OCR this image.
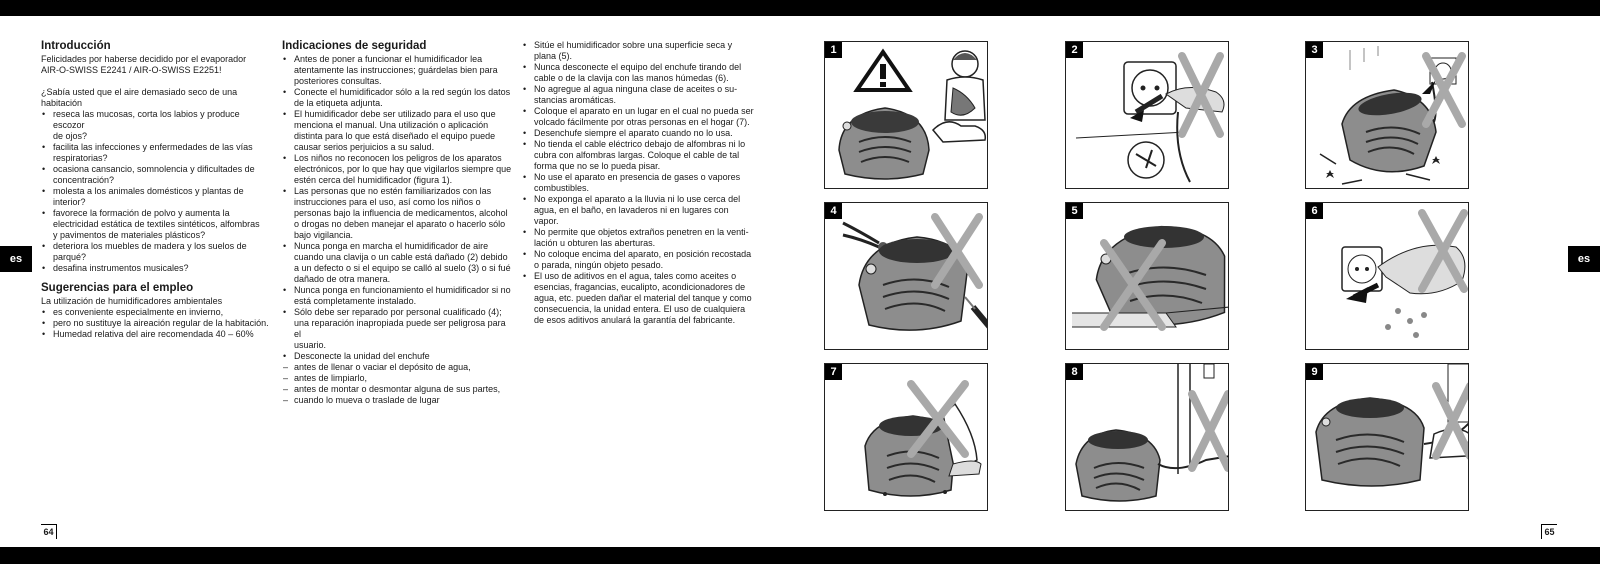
es	es
Introducción

Felicidades por haberse decidido por el evaporador
AIR-O-SWISS E2241 / AIR-O-SWISS E2251!

¿Sabía usted que el aire demasiado seco de una
habitación

• reseca las mucosas, corta los labios y produce escozor
de ojos?

• facilita las infecciones y enfermedades de las vías
respiratorias?

• ocasiona cansancio, somnolencia y dificultades de
concentración?

• molesta a los animales domésticos y plantas de
interior?

• favorece la formación de polvo y aumenta la
electricidad estática de textiles sintéticos, alfombras
y pavimentos de materiales plásticos?

• deteriora los muebles de madera y los suelos de
parqué?

• desafina instrumentos musicales?

Sugerencias para el empleo

La utilización de humidificadores ambientales

• es conveniente especialmente en invierno,

• pero no sustituye la aireación regular de la habitación.

• Humedad relativa del aire recomendada 40 – 60%

Indicaciones de seguridad

• Antes de poner a funcionar el humidificador lea
atentamente las instrucciones; guárdelas bien para
posteriores consultas.

• Conecte el humidificador sólo a la red según los datos
de la etiqueta adjunta.

• El humidificador debe ser utilizado para el uso que
menciona el manual. Una utilización o aplicación
distinta para lo que está diseñado el equipo puede
causar serios perjuicios a su salud.

• Los niños no reconocen los peligros de los aparatos
electrónicos, por lo que hay que vigilarlos siempre que
estén cerca del humidificador (figura 1).

• Las personas que no estén familiarizados con las
instrucciones para el uso, así como los niños o
personas bajo la influencia de medicamentos, alcohol
o drogas no deben manejar el aparato o hacerlo sólo
bajo vigilancia.

• Nunca ponga en marcha el humidificador de aire
cuando una clavija o un cable está dañado (2) debido
a un defecto o si el equipo se calló al suelo (3) o si fué
dañado de otra manera.

• Nunca ponga en funcionamiento el humidificador si no
está completamente instalado.

• Sólo debe ser reparado por personal cualificado (4);
una reparación inapropiada puede ser peligrosa para el
usuario.

• Desconecte la unidad del enchufe

– antes de llenar o vaciar el depósito de agua,

– antes de limpiarlo,

– antes de montar o desmontar alguna de sus partes,

– cuando lo mueva o traslade de lugar

• Sitúe el humidificador sobre una superficie seca y
plana (5).

• Nunca desconecte el equipo del enchufe tirando del
cable o de la clavija con las manos húmedas (6).

• No agregue al agua ninguna clase de aceites o su-
stancias aromáticas.

• Coloque el aparato en un lugar en el cual no pueda ser
volcado fácilmente por otras personas en el hogar (7).

• Desenchufe siempre el aparato cuando no lo usa.

• No tienda el cable eléctrico debajo de alfombras ni lo
cubra con alfombras largas. Coloque el cable de tal
forma que no se lo pueda pisar.

• No use el aparato en presencia de gases o vapores
combustibles.

• No exponga el aparato a la lluvia ni lo use cerca del
agua, en el baño, en lavaderos ni en lugares con vapor.

• No permite que objetos extraños penetren en la venti-
lación u obturen las aberturas.

• No coloque encima del aparato, en posición recostada
o parada, ningún objeto pesado.

• El uso de aditivos en el agua, tales como aceites o
esencias, fragancias, eucalipto, acondicionadores de
agua, etc. pueden dañar el material del tanque y como
consecuencia, la unidad entera. El uso de cualquiera
de esos aditivos anulará la garantía del fabricante.

1	2	3
4	5	6
7	8	9
64	65
